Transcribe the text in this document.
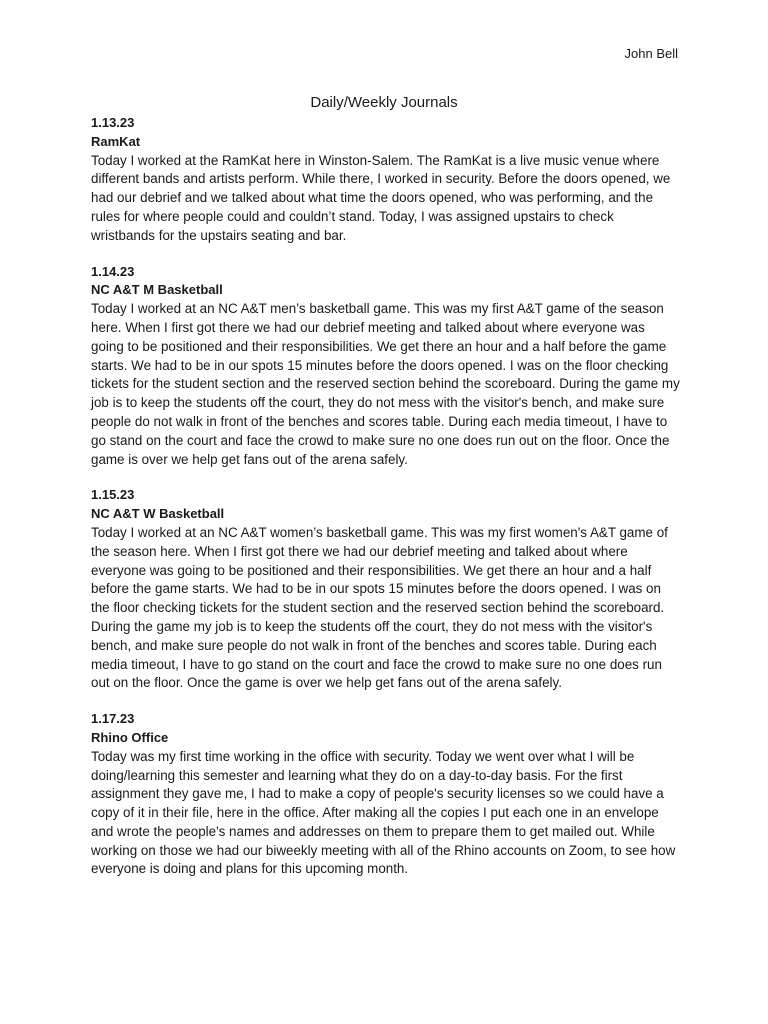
John Bell
Daily/Weekly Journals
1.13.23
RamKat

Today I worked at the RamKat here in Winston-Salem. The RamKat is a live music venue where different bands and artists perform. While there, I worked in security. Before the doors opened, we had our debrief and we talked about what time the doors opened, who was performing, and the rules for where people could and couldn’t stand. Today, I was assigned upstairs to check wristbands for the upstairs seating and bar.

1.14.23
NC A&T M Basketball

Today I worked at an NC A&T men’s basketball game. This was my first A&T game of the season here. When I first got there we had our debrief meeting and talked about where everyone was going to be positioned and their responsibilities. We get there an hour and a half before the game starts. We had to be in our spots 15 minutes before the doors opened. I was on the floor checking tickets for the student section and the reserved section behind the scoreboard. During the game my job is to keep the students off the court, they do not mess with the visitor's bench, and make sure people do not walk in front of the benches and scores table. During each media timeout, I have to go stand on the court and face the crowd to make sure no one does run out on the floor. Once the game is over we help get fans out of the arena safely.

1.15.23
NC A&T W Basketball

Today I worked at an NC A&T women’s basketball game. This was my first women's A&T game of the season here. When I first got there we had our debrief meeting and talked about where everyone was going to be positioned and their responsibilities. We get there an hour and a half before the game starts. We had to be in our spots 15 minutes before the doors opened. I was on the floor checking tickets for the student section and the reserved section behind the scoreboard. During the game my job is to keep the students off the court, they do not mess with the visitor's bench, and make sure people do not walk in front of the benches and scores table. During each media timeout, I have to go stand on the court and face the crowd to make sure no one does run out on the floor. Once the game is over we help get fans out of the arena safely.

1.17.23
Rhino Office

Today was my first time working in the office with security. Today we went over what I will be doing/learning this semester and learning what they do on a day-to-day basis. For the first assignment they gave me, I had to make a copy of people's security licenses so we could have a copy of it in their file, here in the office. After making all the copies I put each one in an envelope and wrote the people's names and addresses on them to prepare them to get mailed out. While working on those we had our biweekly meeting with all of the Rhino accounts on Zoom, to see how everyone is doing and plans for this upcoming month.
